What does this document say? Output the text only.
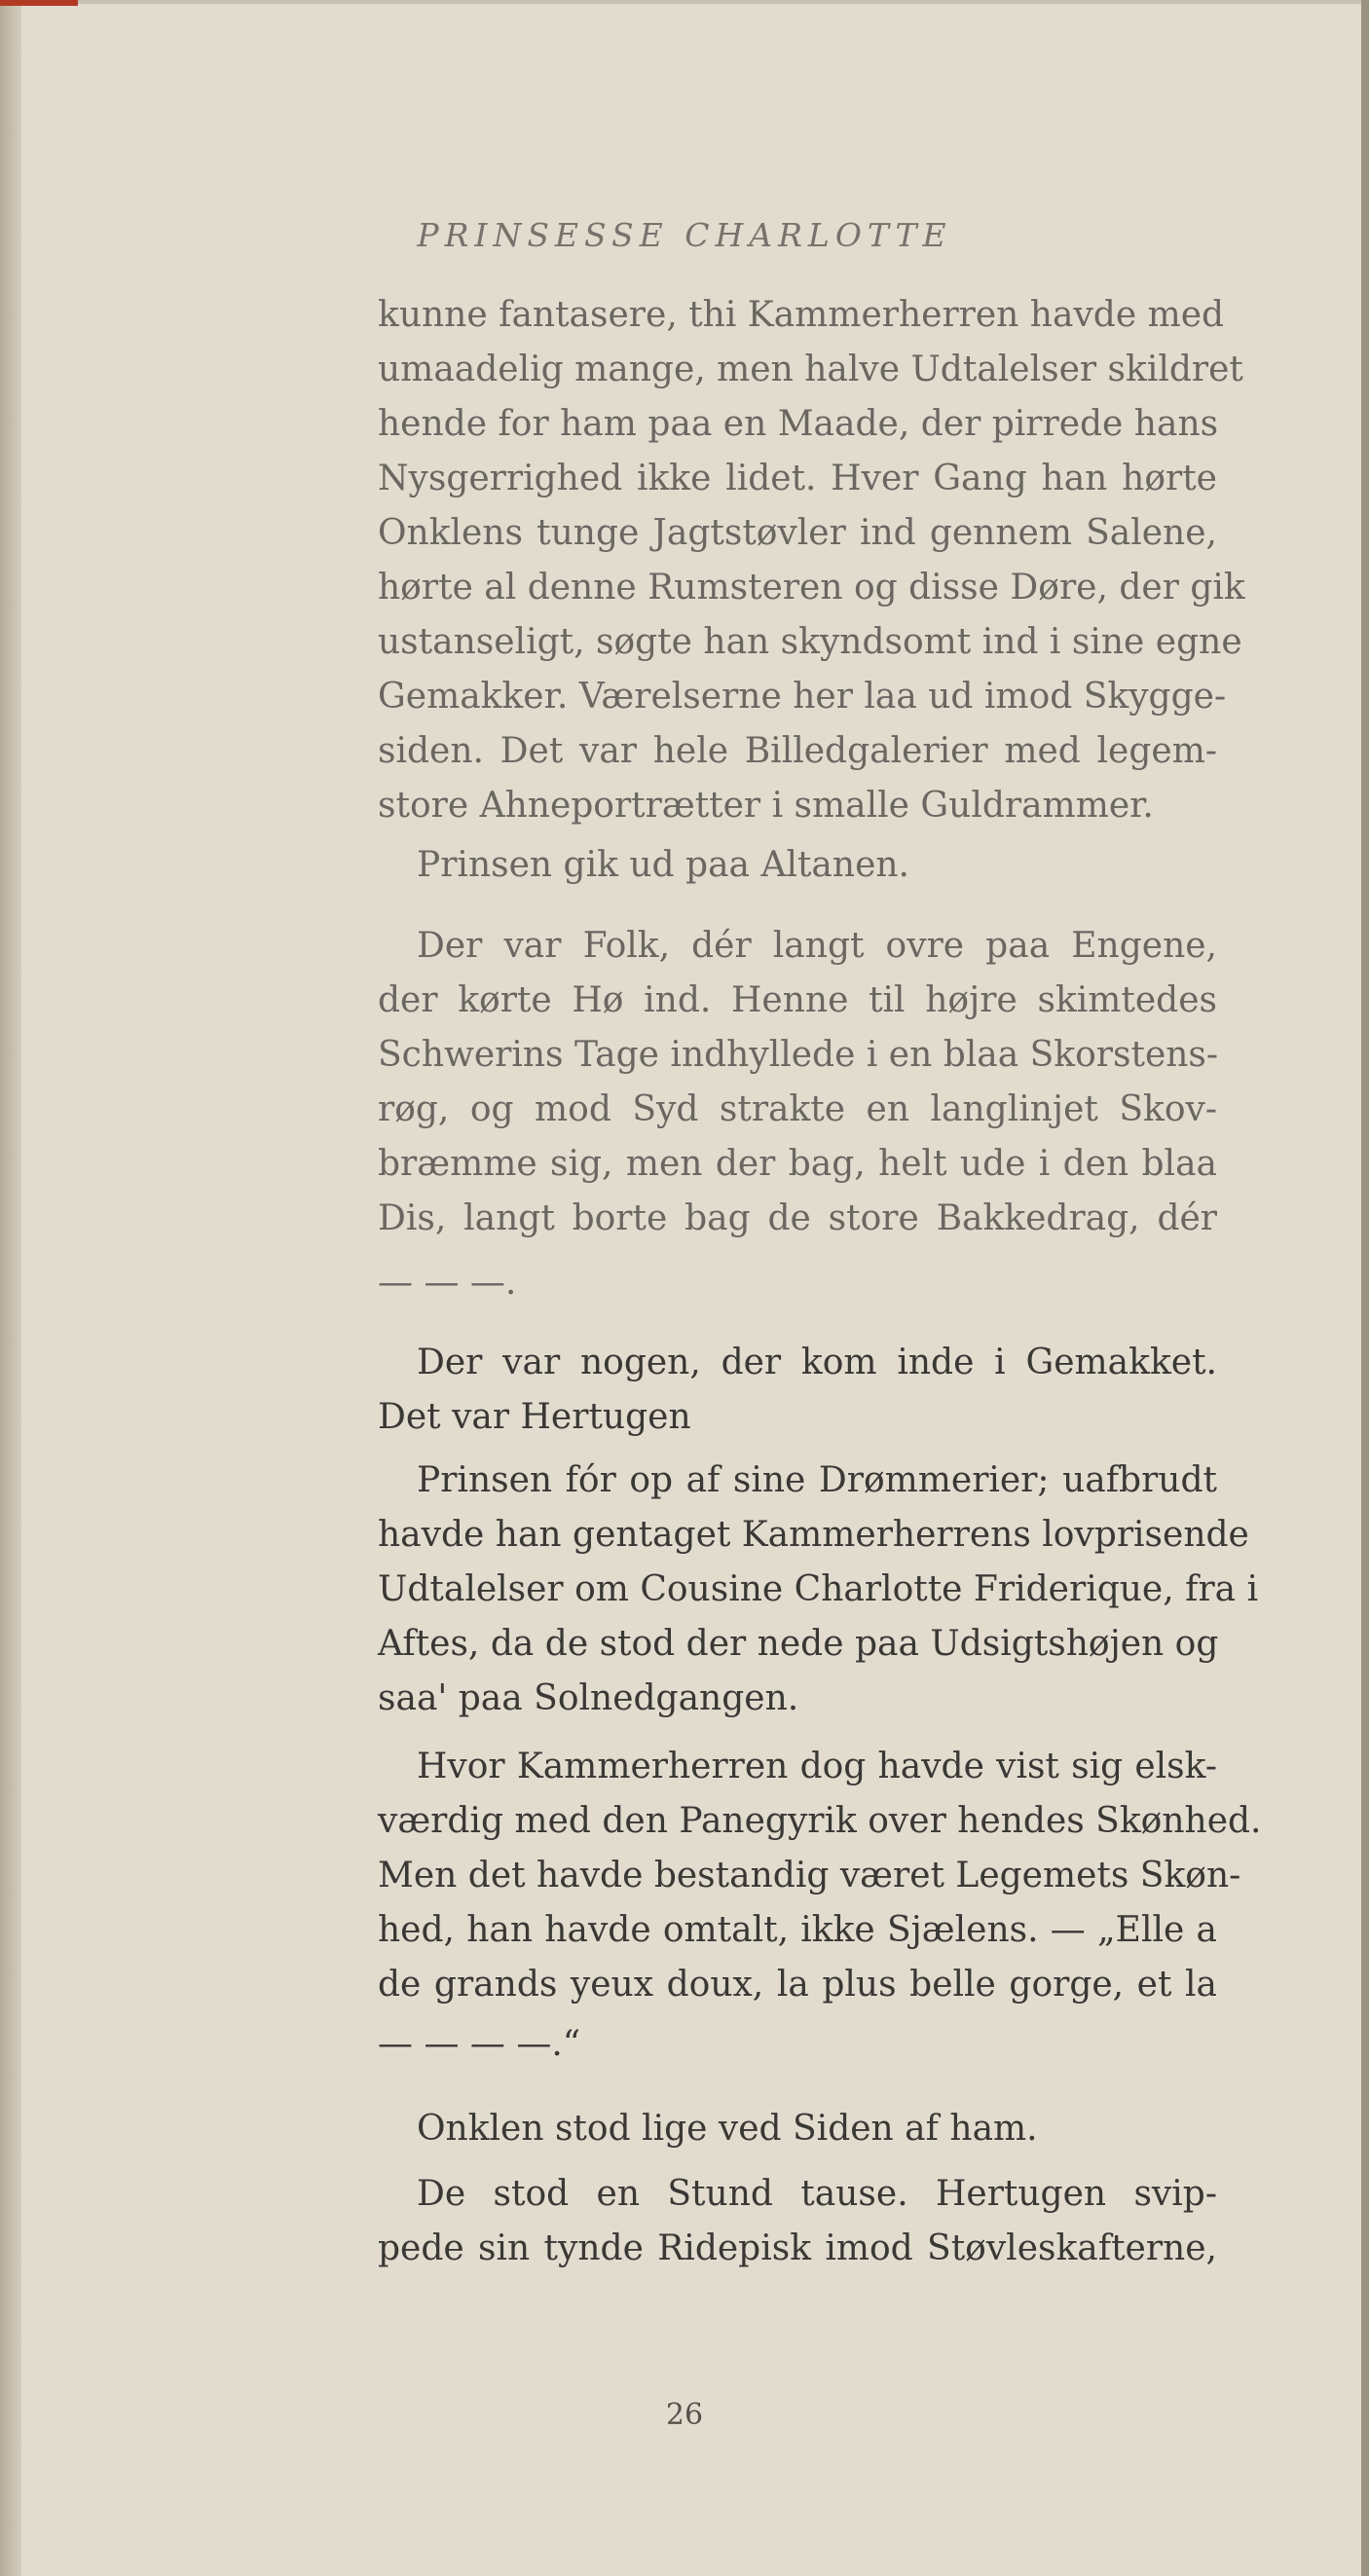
PRINSESSE CHARLOTTE
kunne fantasere, thi Kammerherren havde med
umaadelig mange, men halve Udtalelser skildret
hende for ham paa en Maade, der pirrede hans
Nysgerrighed ikke lidet. Hver Gang han hørte
Onklens tunge Jagtstøvler ind gennem Salene,
hørte al denne Rumsteren og disse Døre, der gik
ustanseligt, søgte han skyndsomt ind i sine egne
Gemakker. Værelserne her laa ud imod Skygge-
siden. Det var hele Billedgalerier med legem-
store Ahneportrætter i smalle Guldrammer.
Prinsen gik ud paa Altanen.
Der var Folk, dér langt ovre paa Engene,
der kørte Hø ind. Henne til højre skimtedes
Schwerins Tage indhyllede i en blaa Skorstens-
røg, og mod Syd strakte en langlinjet Skov-
bræmme sig, men der bag, helt ude i den blaa
Dis, langt borte bag de store Bakkedrag, dér
— — —.
Der var nogen, der kom inde i Gemakket.
Det var Hertugen
Prinsen fór op af sine Drømmerier; uafbrudt
havde han gentaget Kammerherrens lovprisende
Udtalelser om Cousine Charlotte Friderique, fra i
Aftes, da de stod der nede paa Udsigtshøjen og
saa' paa Solnedgangen.
Hvor Kammerherren dog havde vist sig elsk-
værdig med den Panegyrik over hendes Skønhed.
Men det havde bestandig været Legemets Skøn-
hed, han havde omtalt, ikke Sjælens. — „Elle a
de grands yeux doux, la plus belle gorge, et la
— — — —.“
Onklen stod lige ved Siden af ham.
De stod en Stund tause. Hertugen svip-
pede sin tynde Ridepisk imod Støvleskafterne,
26
